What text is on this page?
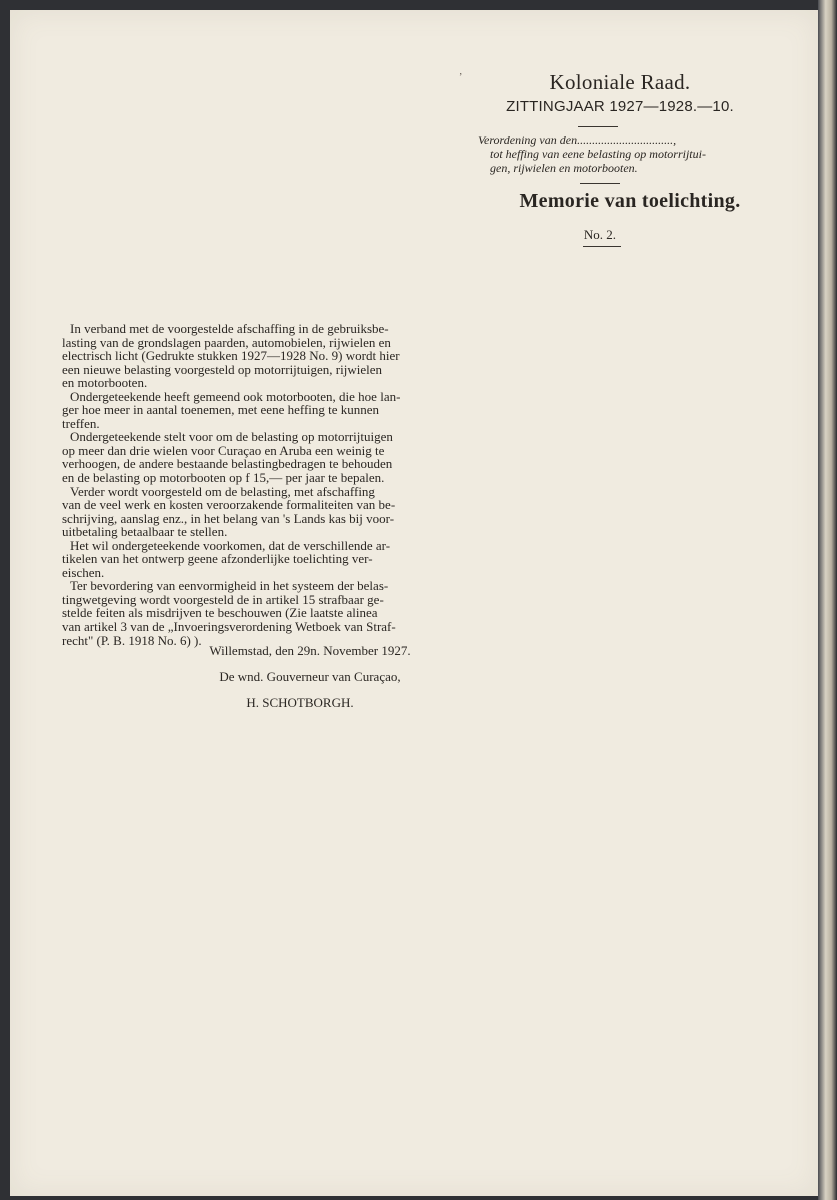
ʼ	Koloniale Raad.
ZITTINGJAAR 1927—1928.—10.
Verordening van den................................,
tot heffing van eene belasting op motorrijtui-
gen, rijwielen en motorbooten.
Memorie van toelichting.
No. 2.
In verband met de voorgestelde afschaffing in de gebruiksbe-
lasting van de grondslagen paarden, automobielen, rijwielen en
electrisch licht (Gedrukte stukken 1927—1928 No. 9) wordt hier
een nieuwe belasting voorgesteld op motorrijtuigen, rijwielen
en motorbooten.
Ondergeteekende heeft gemeend ook motorbooten, die hoe lan-
ger hoe meer in aantal toenemen, met eene heffing te kunnen
treffen.
Ondergeteekende stelt voor om de belasting op motorrijtuigen
op meer dan drie wielen voor Curaçao en Aruba een weinig te
verhoogen, de andere bestaande belastingbedragen te behouden
en de belasting op motorbooten op f 15,— per jaar te bepalen.
Verder wordt voorgesteld om de belasting, met afschaffing
van de veel werk en kosten veroorzakende formaliteiten van be-
schrijving, aanslag enz., in het belang van 's Lands kas bij voor-
uitbetaling betaalbaar te stellen.
Het wil ondergeteekende voorkomen, dat de verschillende ar-
tikelen van het ontwerp geene afzonderlijke toelichting ver-
eischen.
Ter bevordering van eenvormigheid in het systeem der belas-
tingwetgeving wordt voorgesteld de in artikel 15 strafbaar ge-
stelde feiten als misdrijven te beschouwen (Zie laatste alinea
van artikel 3 van de „Invoeringsverordening Wetboek van Straf-
recht" (P. B. 1918 No. 6) ).
Willemstad, den 29n. November 1927.
De wnd. Gouverneur van Curaçao,
H. SCHOTBORGH.
